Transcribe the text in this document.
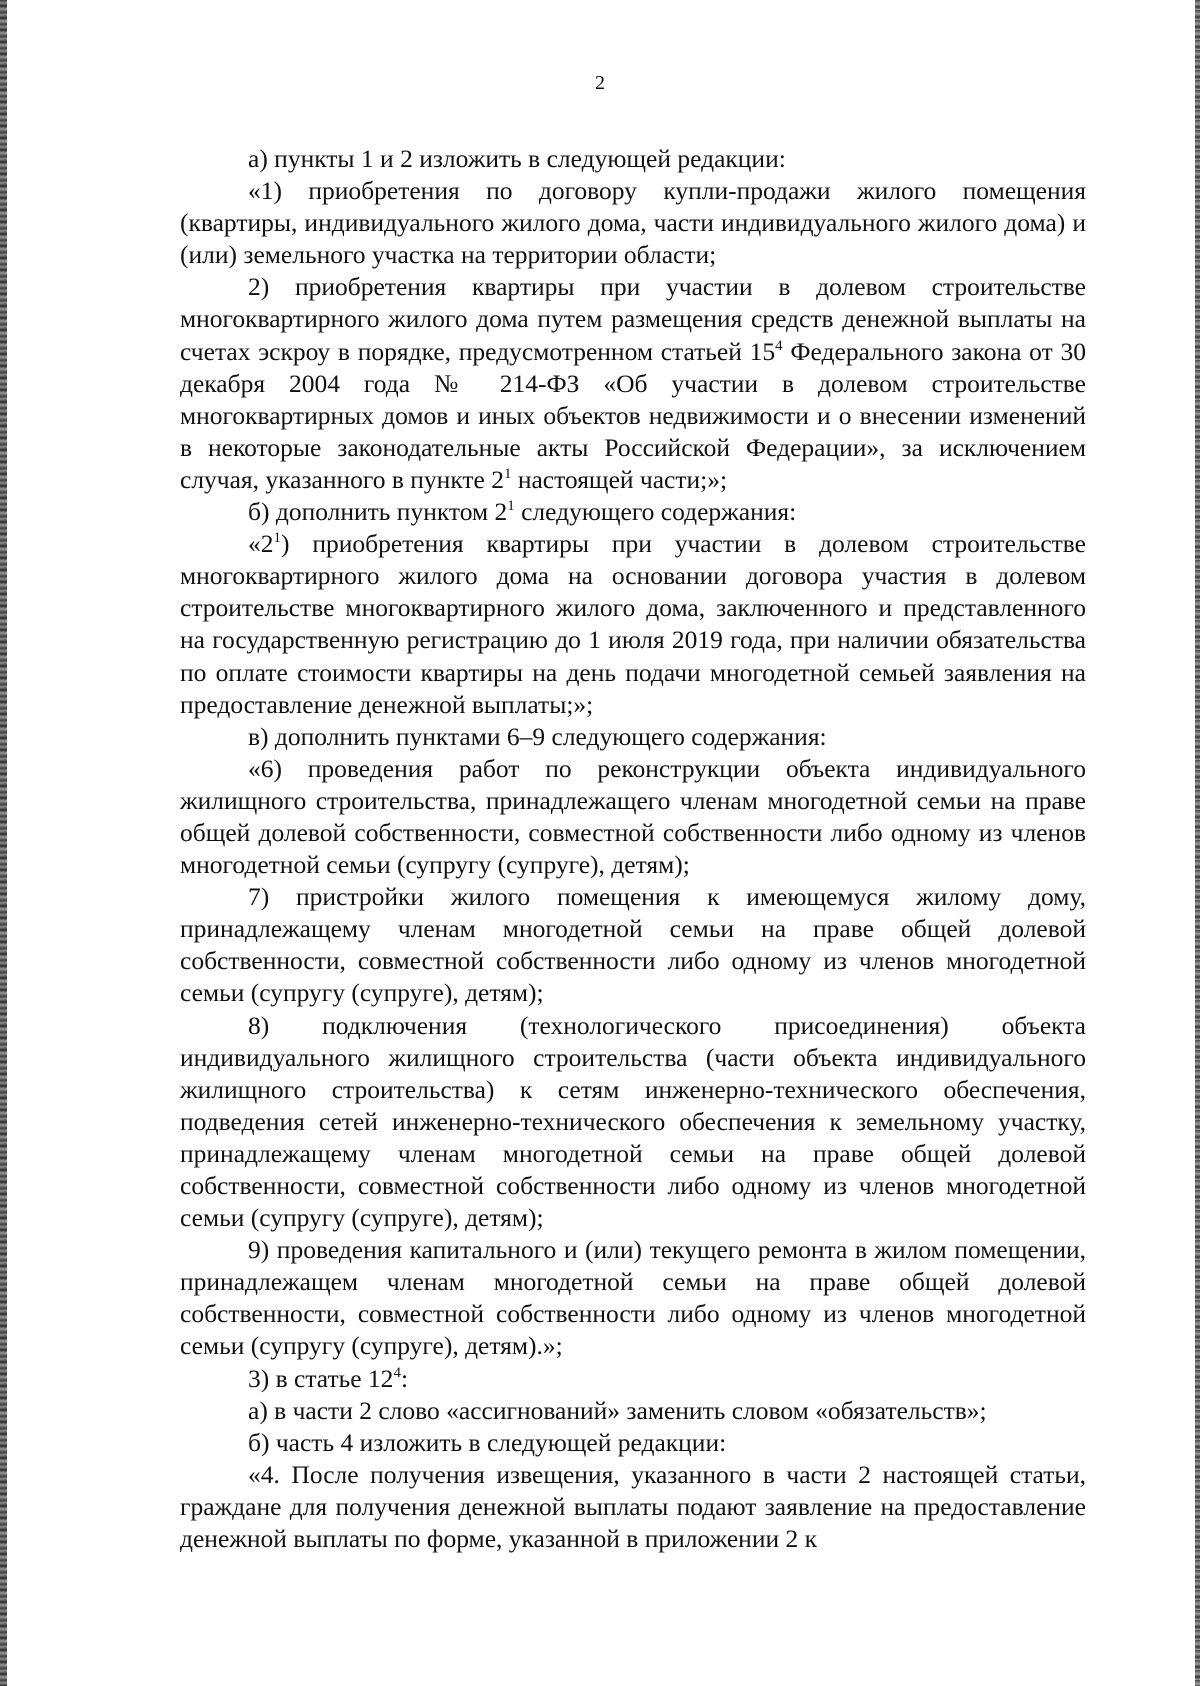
2

а) пункты 1 и 2 изложить в следующей редакции:

«1) приобретения по договору купли-продажи жилого помещения (квартиры, индивидуального жилого дома, части индивидуального жилого дома) и (или) земельного участка на территории области;

2) приобретения квартиры при участии в долевом строительстве многоквартирного жилого дома путем размещения средств денежной выплаты на счетах эскроу в порядке, предусмотренном статьей $15^4$ Федерального закона от 30 декабря 2004 года № 214-ФЗ «Об участии в долевом строительстве многоквартирных домов и иных объектов недвижимости и о внесении изменений в некоторые законодательные акты Российской Федерации», за исключением случая, указанного в пункте $2^1$ настоящей части;»;

б) дополнить пунктом $2^1$ следующего содержания:

«$2^1$) приобретения квартиры при участии в долевом строительстве многоквартирного жилого дома на основании договора участия в долевом строительстве многоквартирного жилого дома, заключенного и представленного на государственную регистрацию до 1 июля 2019 года, при наличии обязательства по оплате стоимости квартиры на день подачи многодетной семьей заявления на предоставление денежной выплаты;»;

в) дополнить пунктами 6–9 следующего содержания:

«6) проведения работ по реконструкции объекта индивидуального жилищного строительства, принадлежащего членам многодетной семьи на праве общей долевой собственности, совместной собственности либо одному из членов многодетной семьи (супругу (супруге), детям);

7) пристройки жилого помещения к имеющемуся жилому дому, принадлежащему членам многодетной семьи на праве общей долевой собственности, совместной собственности либо одному из членов многодетной семьи (супругу (супруге), детям);

8) подключения (технологического присоединения) объекта индивидуального жилищного строительства (части объекта индивидуального жилищного строительства) к сетям инженерно-технического обеспечения, подведения сетей инженерно-технического обеспечения к земельному участку, принадлежащему членам многодетной семьи на праве общей долевой собственности, совместной собственности либо одному из членов многодетной семьи (супругу (супруге), детям);

9) проведения капитального и (или) текущего ремонта в жилом помещении, принадлежащем членам многодетной семьи на праве общей долевой собственности, совместной собственности либо одному из членов многодетной семьи (супругу (супруге), детям).»;

3) в статье $12^4$:

а) в части 2 слово «ассигнований» заменить словом «обязательств»;

б) часть 4 изложить в следующей редакции:

«4. После получения извещения, указанного в части 2 настоящей статьи, граждане для получения денежной выплаты подают заявление на предоставление денежной выплаты по форме, указанной в приложении 2 к
